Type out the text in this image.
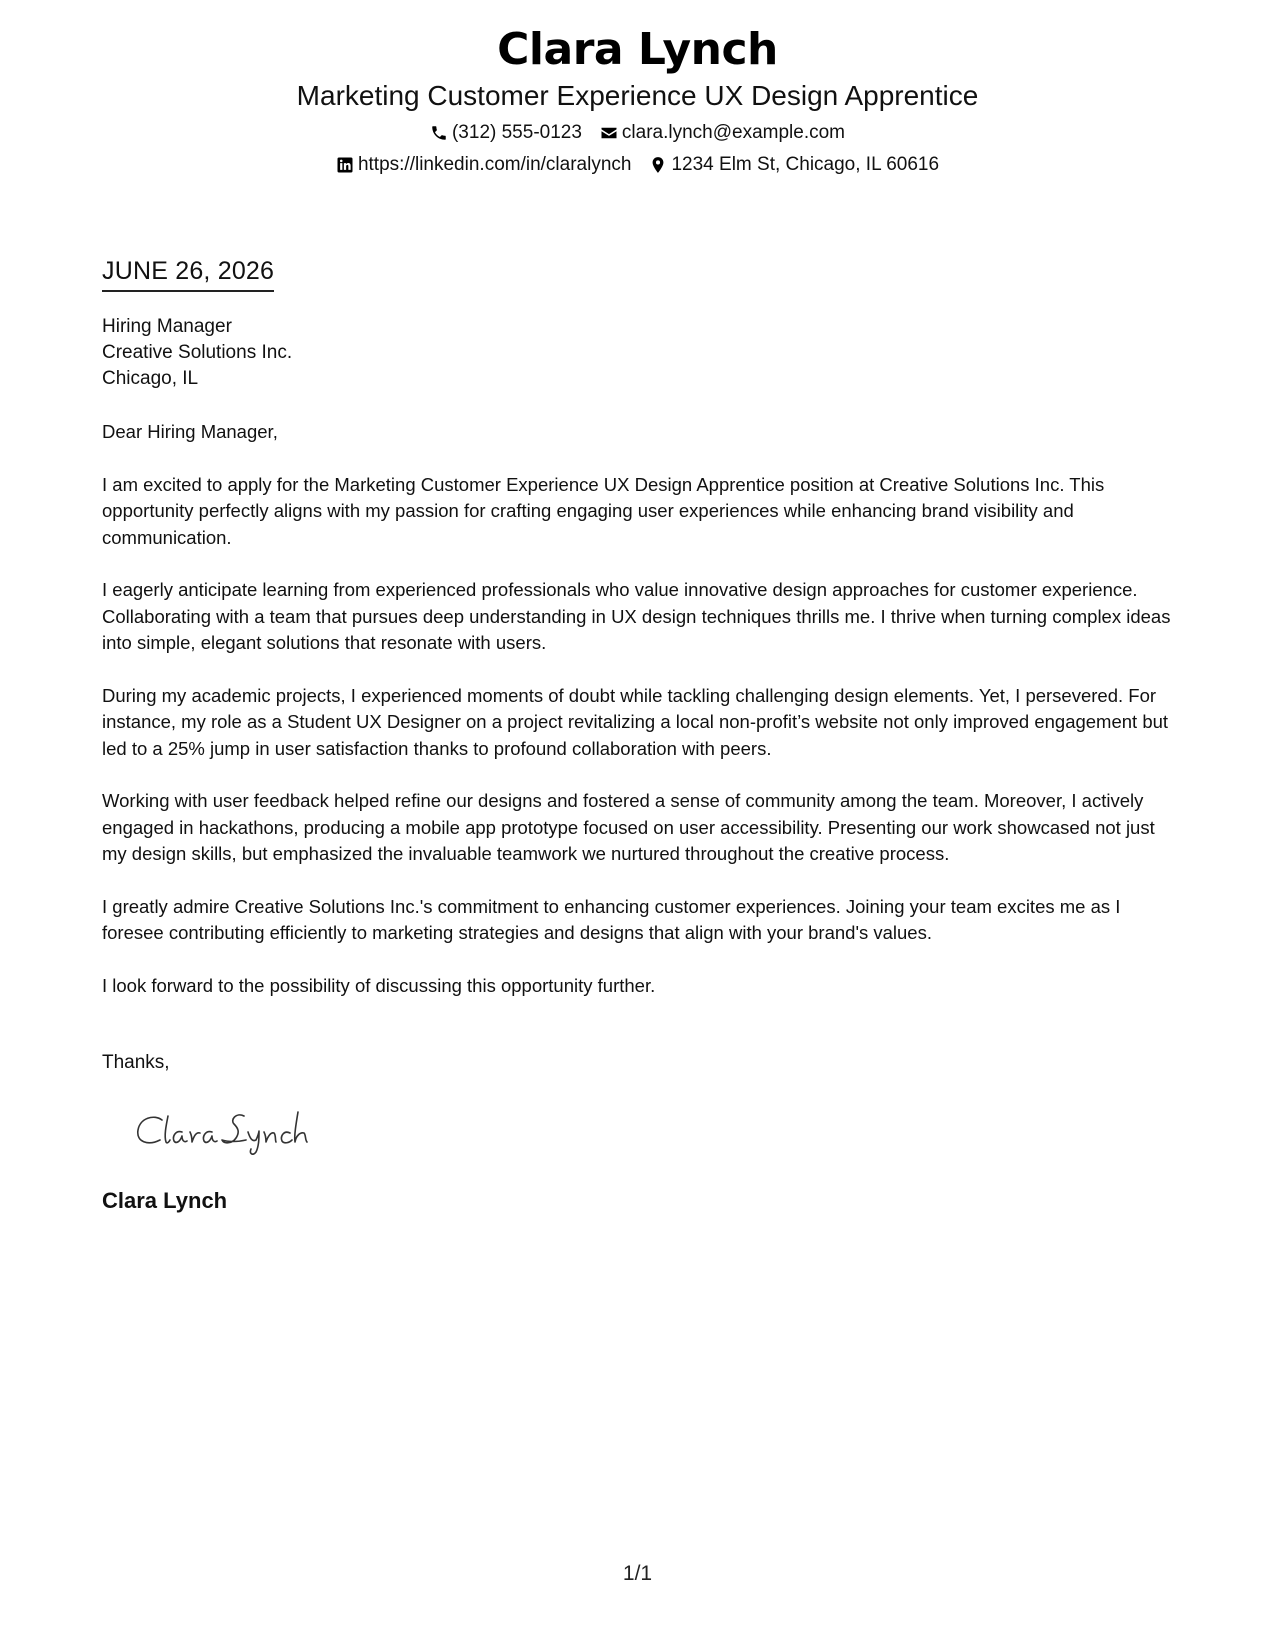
Clara Lynch
Marketing Customer Experience UX Design Apprentice
(312) 555-0123 clara.lynch@example.com
https://linkedin.com/in/claralynch 1234 Elm St, Chicago, IL 60616
JUNE 26, 2026
Hiring Manager
Creative Solutions Inc.
Chicago, IL

Dear Hiring Manager,

I am excited to apply for the Marketing Customer Experience UX Design Apprentice position at Creative Solutions Inc. This opportunity perfectly aligns with my passion for crafting engaging user experiences while enhancing brand visibility and communication.

I eagerly anticipate learning from experienced professionals who value innovative design approaches for customer experience. Collaborating with a team that pursues deep understanding in UX design techniques thrills me. I thrive when turning complex ideas into simple, elegant solutions that resonate with users.

During my academic projects, I experienced moments of doubt while tackling challenging design elements. Yet, I persevered. For instance, my role as a Student UX Designer on a project revitalizing a local non-profit’s website not only improved engagement but led to a 25% jump in user satisfaction thanks to profound collaboration with peers.

Working with user feedback helped refine our designs and fostered a sense of community among the team. Moreover, I actively engaged in hackathons, producing a mobile app prototype focused on user accessibility. Presenting our work showcased not just my design skills, but emphasized the invaluable teamwork we nurtured throughout the creative process.

I greatly admire Creative Solutions Inc.'s commitment to enhancing customer experiences. Joining your team excites me as I foresee contributing efficiently to marketing strategies and designs that align with your brand's values.

I look forward to the possibility of discussing this opportunity further.

Thanks,
Clara Lynch
1/1
